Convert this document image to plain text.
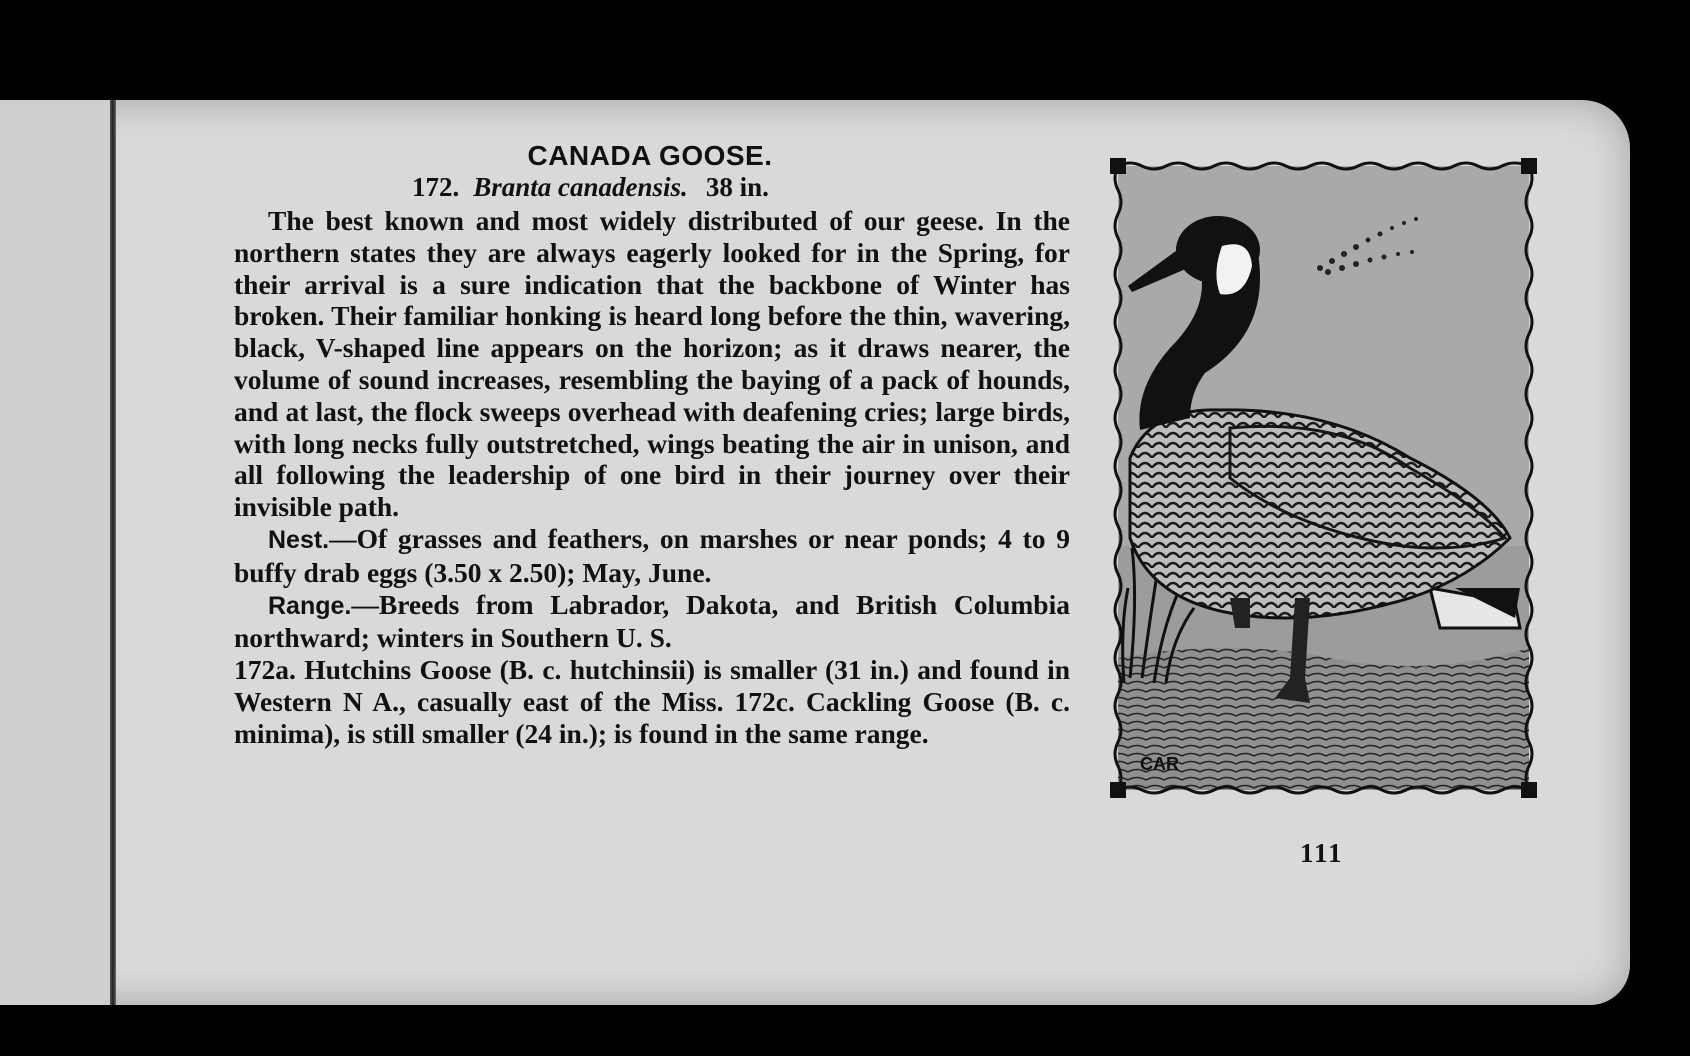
CANADA GOOSE.
172. Branta canadensis. 38 in.

The best known and most widely distributed of our geese. In the northern states they are always eagerly looked for in the Spring, for their arrival is a sure indication that the backbone of Winter has broken. Their familiar honking is heard long before the thin, wavering, black, V-shaped line appears on the horizon; as it draws nearer, the volume of sound increases, resembling the baying of a pack of hounds, and at last, the flock sweeps overhead with deafening cries; large birds, with long necks fully outstretched, wings beating the air in unison, and all following the leadership of one bird in their journey over their invisible path.

Nest.—Of grasses and feathers, on marshes or near ponds; 4 to 9 buffy drab eggs (3.50 x 2.50); May, June.

Range.—Breeds from Labrador, Dakota, and British Columbia northward; winters in Southern U. S.

172a. Hutchins Goose (B. c. hutchinsii) is smaller (31 in.) and found in Western N A., casually east of the Miss. 172c. Cackling Goose (B. c. minima), is still smaller (24 in.); is found in the same range.

CAR
111
